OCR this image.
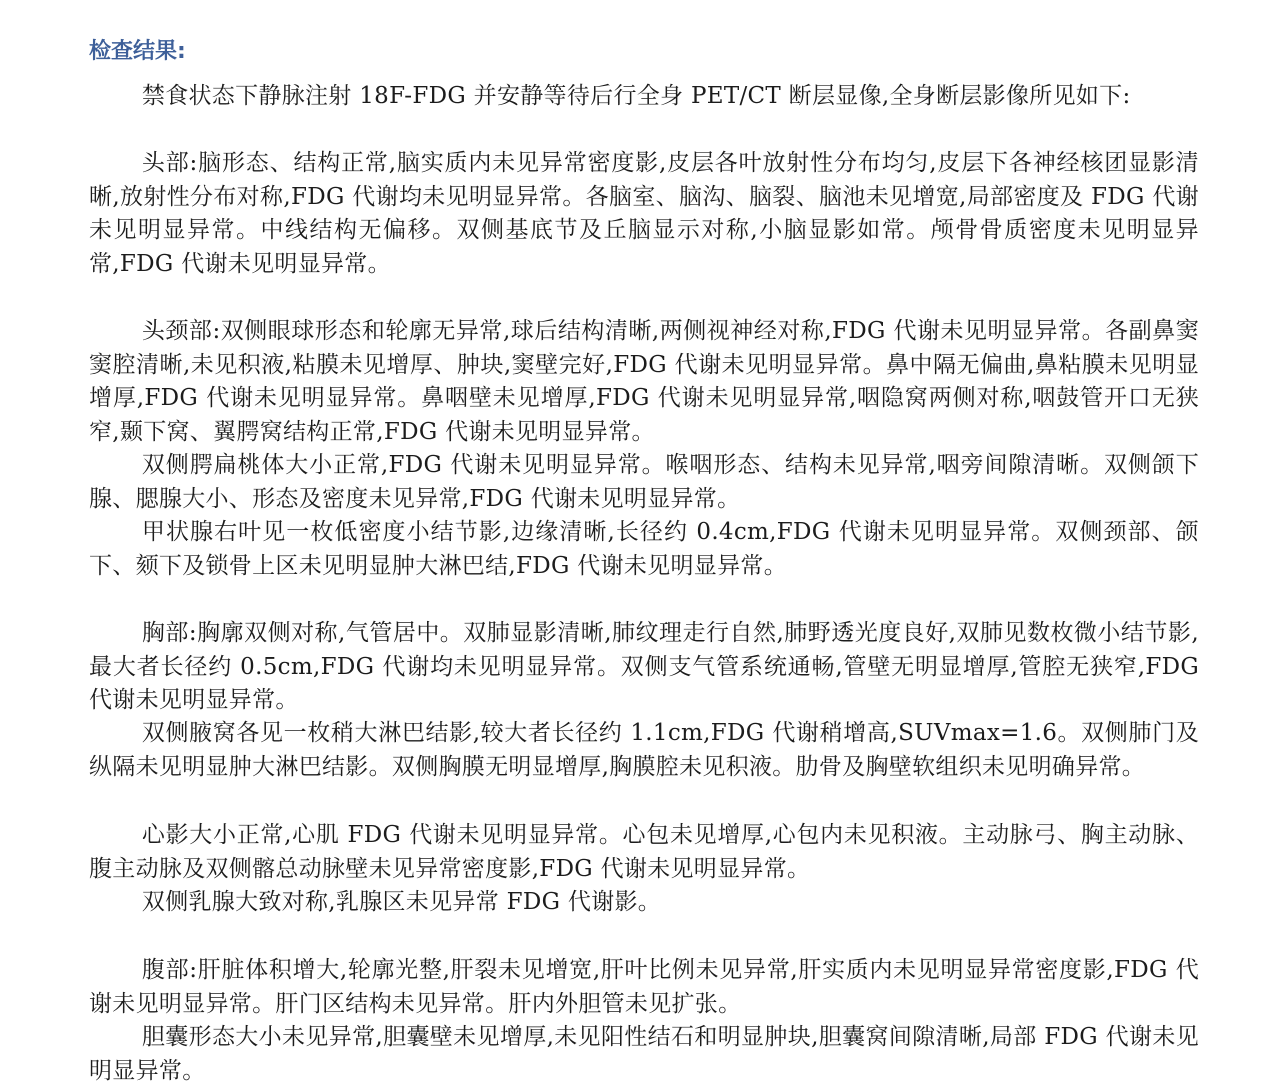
检查结果:

禁食状态下静脉注射 18F-FDG 并安静等待后行全身 PET/CT 断层显像,全身断层影像所见如下:

头部:脑形态、结构正常,脑实质内未见异常密度影,皮层各叶放射性分布均匀,皮层下各神经核团显影清晰,放射性分布对称,FDG 代谢均未见明显异常。各脑室、脑沟、脑裂、脑池未见增宽,局部密度及 FDG 代谢未见明显异常。中线结构无偏移。双侧基底节及丘脑显示对称,小脑显影如常。颅骨骨质密度未见明显异常,FDG 代谢未见明显异常。

头颈部:双侧眼球形态和轮廓无异常,球后结构清晰,两侧视神经对称,FDG 代谢未见明显异常。各副鼻窦窦腔清晰,未见积液,粘膜未见增厚、肿块,窦壁完好,FDG 代谢未见明显异常。鼻中隔无偏曲,鼻粘膜未见明显增厚,FDG 代谢未见明显异常。鼻咽壁未见增厚,FDG 代谢未见明显异常,咽隐窝两侧对称,咽鼓管开口无狭窄,颞下窝、翼腭窝结构正常,FDG 代谢未见明显异常。

双侧腭扁桃体大小正常,FDG 代谢未见明显异常。喉咽形态、结构未见异常,咽旁间隙清晰。双侧颌下腺、腮腺大小、形态及密度未见异常,FDG 代谢未见明显异常。

甲状腺右叶见一枚低密度小结节影,边缘清晰,长径约 0.4cm,FDG 代谢未见明显异常。双侧颈部、颌下、颏下及锁骨上区未见明显肿大淋巴结,FDG 代谢未见明显异常。

胸部:胸廓双侧对称,气管居中。双肺显影清晰,肺纹理走行自然,肺野透光度良好,双肺见数枚微小结节影,最大者长径约 0.5cm,FDG 代谢均未见明显异常。双侧支气管系统通畅,管壁无明显增厚,管腔无狭窄,FDG 代谢未见明显异常。

双侧腋窝各见一枚稍大淋巴结影,较大者长径约 1.1cm,FDG 代谢稍增高,SUVmax=1.6。双侧肺门及纵隔未见明显肿大淋巴结影。双侧胸膜无明显增厚,胸膜腔未见积液。肋骨及胸壁软组织未见明确异常。

心影大小正常,心肌 FDG 代谢未见明显异常。心包未见增厚,心包内未见积液。主动脉弓、胸主动脉、腹主动脉及双侧髂总动脉壁未见异常密度影,FDG 代谢未见明显异常。

双侧乳腺大致对称,乳腺区未见异常 FDG 代谢影。

腹部:肝脏体积增大,轮廓光整,肝裂未见增宽,肝叶比例未见异常,肝实质内未见明显异常密度影,FDG 代谢未见明显异常。肝门区结构未见异常。肝内外胆管未见扩张。

胆囊形态大小未见异常,胆囊壁未见增厚,未见阳性结石和明显肿块,胆囊窝间隙清晰,局部 FDG 代谢未见明显异常。
